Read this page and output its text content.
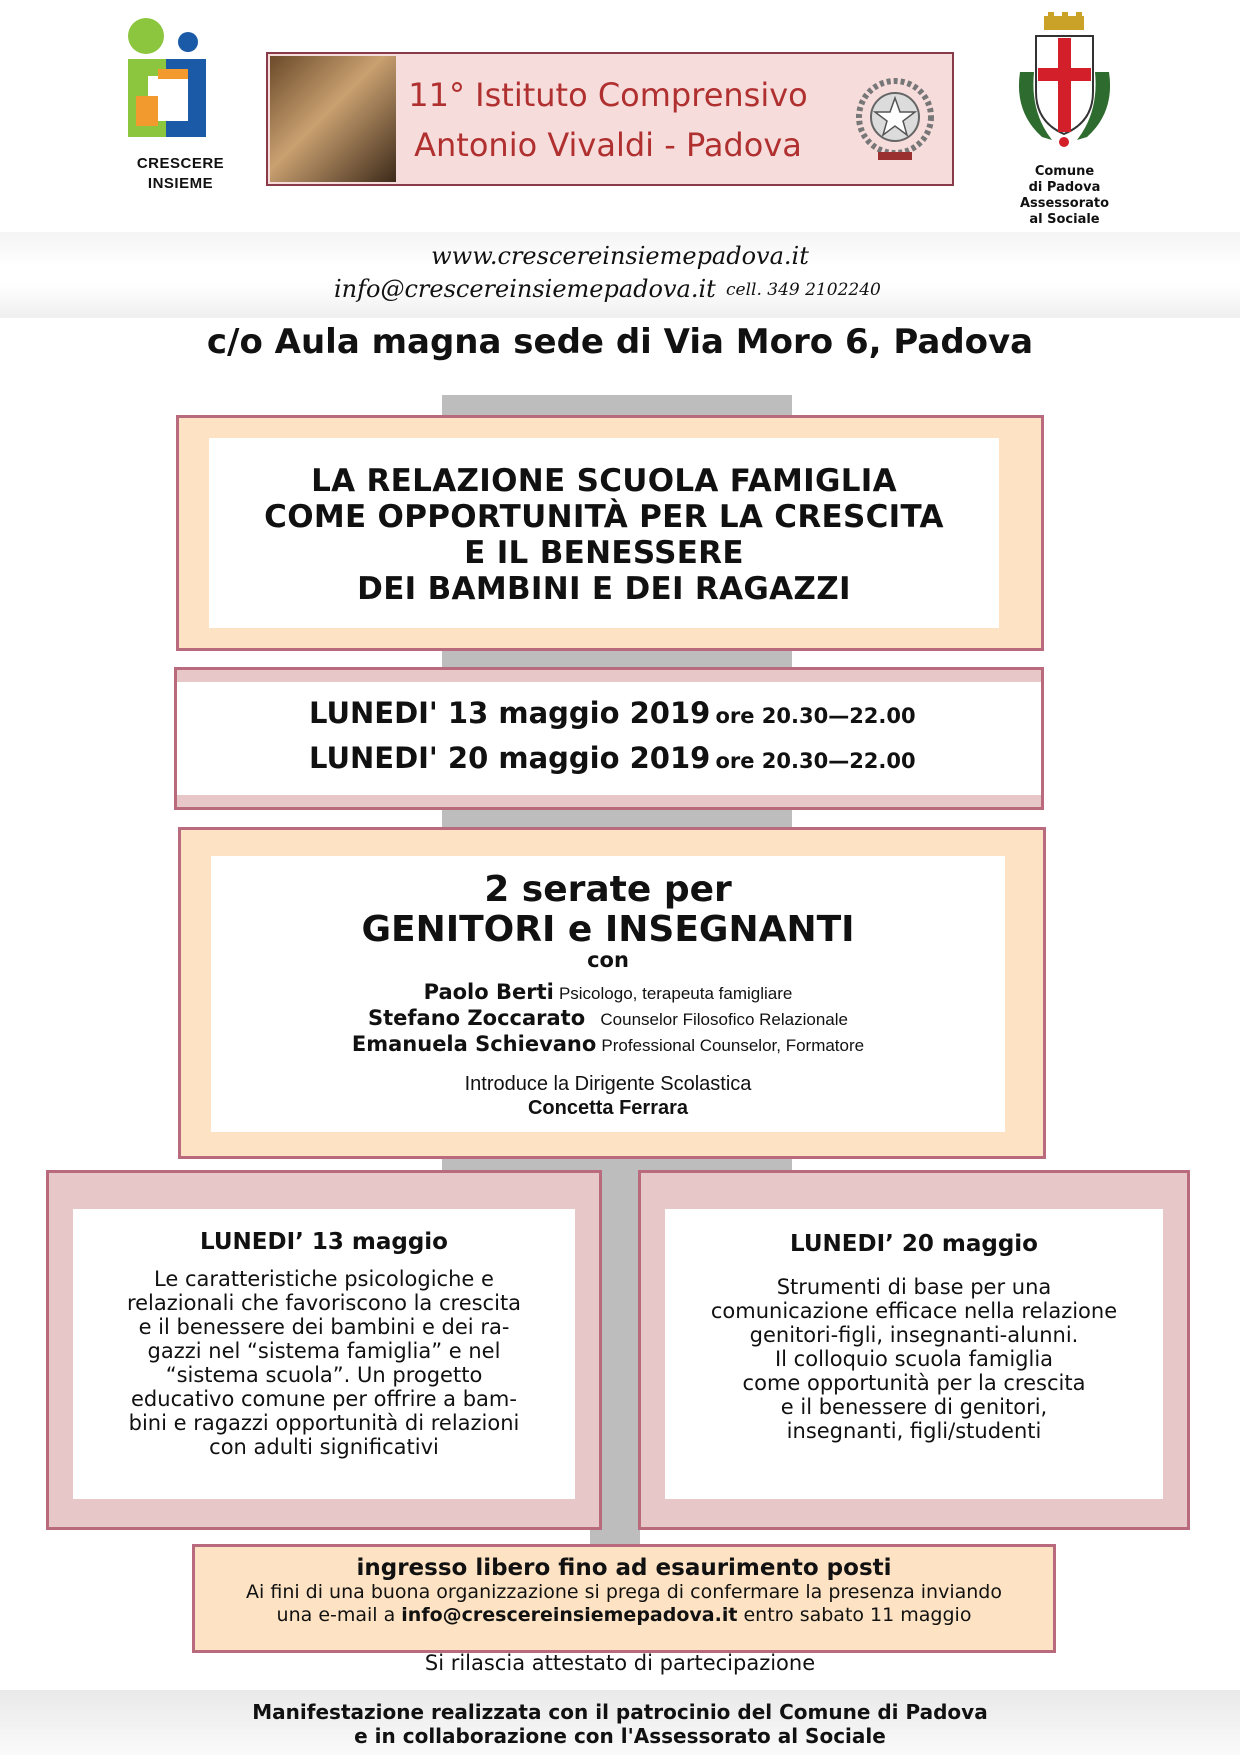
CRESCERE
INSIEME
11° Istituto Comprensivo
Antonio Vivaldi - Padova
Comune
di Padova
Assessorato
al Sociale
www.crescereinsiemepadova.it
info@crescereinsiemepadova.it cell. 349 2102240
c/o Aula magna sede di Via Moro 6, Padova
LA RELAZIONE SCUOLA FAMIGLIA
COME OPPORTUNITÀ PER LA CRESCITA
E IL BENESSERE
DEI BAMBINI E DEI RAGAZZI
LUNEDI' 13 maggio 2019 ore 20.30—22.00
LUNEDI' 20 maggio 2019 ore 20.30—22.00
2 serate per
GENITORI e INSEGNANTI
con
Paolo Berti Psicologo, terapeuta famigliare
Stefano Zoccarato Counselor Filosofico Relazionale
Emanuela Schievano Professional Counselor, Formatore
Introduce la Dirigente Scolastica
Concetta Ferrara
LUNEDI’ 13 maggio
Le caratteristiche psicologiche e
relazionali che favoriscono la crescita
e il benessere dei bambini e dei ra-
gazzi nel “sistema famiglia” e nel
“sistema scuola”. Un progetto
educativo comune per offrire a bam-
bini e ragazzi opportunità di relazioni
con adulti significativi
LUNEDI’ 20 maggio
Strumenti di base per una
comunicazione efficace nella relazione
genitori-figli, insegnanti-alunni.
Il colloquio scuola famiglia
come opportunità per la crescita
e il benessere di genitori,
insegnanti, figli/studenti
ingresso libero fino ad esaurimento posti
Ai fini di una buona organizzazione si prega di confermare la presenza inviando
una e-mail a info@crescereinsiemepadova.it entro sabato 11 maggio
Si rilascia attestato di partecipazione
Manifestazione realizzata con il patrocinio del Comune di Padova
e in collaborazione con l'Assessorato al Sociale
